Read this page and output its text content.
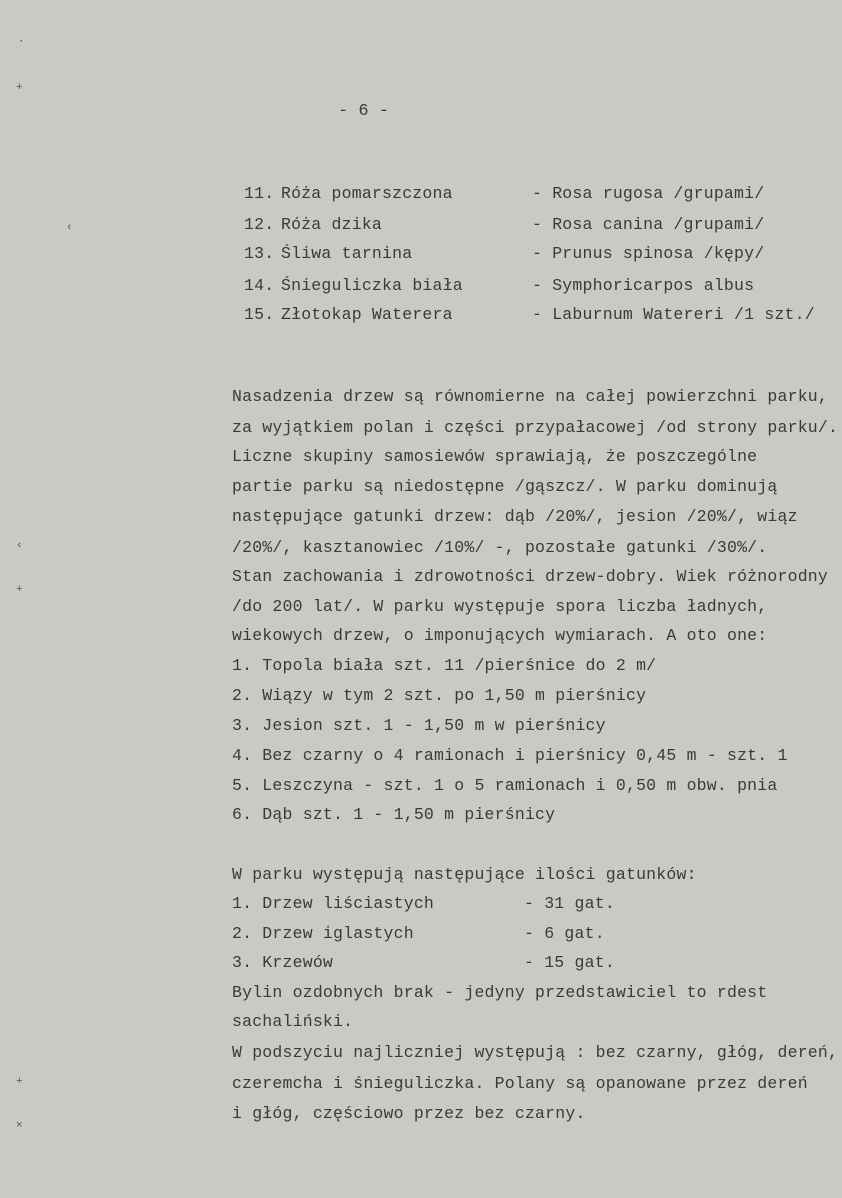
·
+
‹
+
+
×
‹
- 6 -
11. Róża pomarszczona	- Rosa rugosa /grupami/
12. Róża dzika	- Rosa canina /grupami/
13. Śliwa tarnina	- Prunus spinosa /kępy/
14. Śnieguliczka biała	- Symphoricarpos albus
15. Złotokap Waterera	- Laburnum Watereri /1 szt./
Nasadzenia drzew są równomierne na całej powierzchni parku,
za wyjątkiem polan i części przypałacowej /od strony parku/.
Liczne skupiny samosiewów sprawiają, że poszczególne
partie parku są niedostępne /gąszcz/. W parku dominują
następujące gatunki drzew: dąb /20%/, jesion /20%/, wiąz
/20%/, kasztanowiec /10%/ -, pozostałe gatunki /30%/.
Stan zachowania i zdrowotności drzew-dobry. Wiek różnorodny
/do 200 lat/. W parku występuje spora liczba ładnych,
wiekowych drzew, o imponujących wymiarach. A oto one:
1. Topola biała szt. 11 /pierśnice do 2 m/
2. Wiązy w tym 2 szt. po 1,50 m pierśnicy
3. Jesion szt. 1 - 1,50 m w pierśnicy
4. Bez czarny o 4 ramionach i pierśnicy 0,45 m - szt. 1
5. Leszczyna - szt. 1 o 5 ramionach i 0,50 m obw. pnia
6. Dąb szt. 1 - 1,50 m pierśnicy
W parku występują następujące ilości gatunków:
1. Drzew liściastych	- 31 gat.
2. Drzew iglastych	- 6 gat.
3. Krzewów	- 15 gat.
Bylin ozdobnych brak - jedyny przedstawiciel to rdest
sachaliński.
W podszyciu najliczniej występują : bez czarny, głóg, dereń,
czeremcha i śnieguliczka. Polany są opanowane przez dereń
i głóg, częściowo przez bez czarny.
